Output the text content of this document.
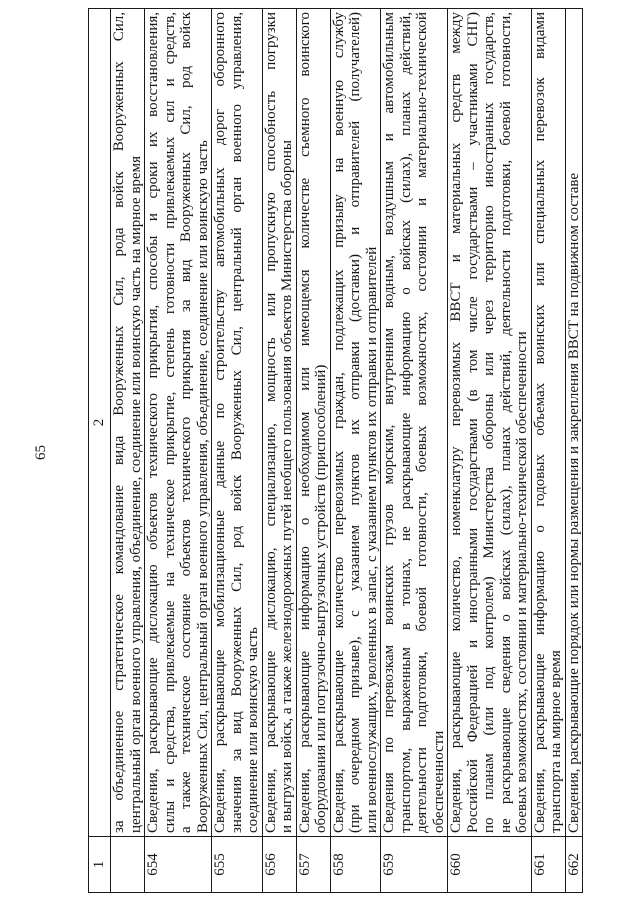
65
1	2

	за объединенное стратегическое командование вида Вооруженных Сил, рода войск Вооруженных Сил, центральный орган военного управления, объединение, соединение или воинскую часть на мирное время

654	Сведения, раскрывающие дислокацию объектов технического прикрытия, способы и сроки их восстановления, силы и средства, привлекаемые на техническое прикрытие, степень готовности привлекаемых сил и средств, а также техническое состояние объектов технического прикрытия за вид Вооруженных Сил, род войск Вооруженных Сил, центральный орган военного управления, объединение, соединение или воинскую часть

655	Сведения, раскрывающие мобилизационные данные по строительству автомобильных дорог оборонного значения за вид Вооруженных Сил, род войск Вооруженных Сил, центральный орган военного управления, соединение или воинскую часть

656	Сведения, раскрывающие дислокацию, специализацию, мощность или пропускную способность погрузки и выгрузки войск, а также железнодорожных путей необщего пользования объектов Министерства обороны

657	Сведения, раскрывающие информацию о необходимом или имеющемся количестве съемного воинского оборудования или погрузочно-выгрузочных устройств (приспособлений)

658	Сведения, раскрывающие количество перевозимых граждан, подлежащих призыву на военную службу (при очередном призыве), с указанием пунктов их отправки (доставки) и отправителей (получателей) или военнослужащих, уволенных в запас, с указанием пунктов их отправки и отправителей

659	Сведения по перевозкам воинских грузов морским, внутренним водным, воздушным и автомобильным транспортом, выраженным в тоннах, не раскрывающие информацию о войсках (силах), планах действий, деятельности подготовки, боевой готовности, боевых возможностях, состоянии и материально-технической обеспеченности

660	Сведения, раскрывающие количество, номенклатуру перевозимых ВВСТ и материальных средств между Российской Федерацией и иностранными государствами (в том числе государствами – участниками СНГ) по планам (или под контролем) Министерства обороны или через территорию иностранных государств, не раскрывающие сведения о войсках (силах), планах действий, деятельности подготовки, боевой готовности, боевых возможностях, состоянии и материально-технической обеспеченности

661	Сведения, раскрывающие информацию о годовых объемах воинских или специальных перевозок видами транспорта на мирное время

662	Сведения, раскрывающие порядок или нормы размещения и закрепления ВВСТ на подвижном составе
